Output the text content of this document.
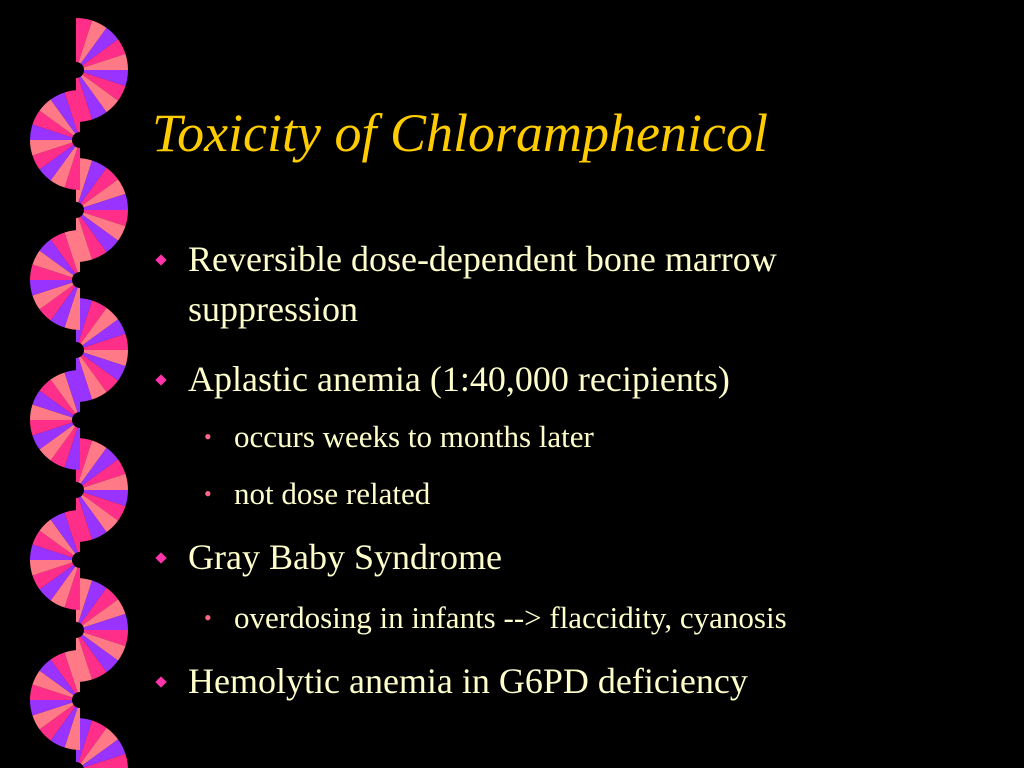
Toxicity of Chloramphenicol
Reversible dose-dependent bone marrow
suppression
Aplastic anemia (1:40,000 recipients)
• occurs weeks to months later
• not dose related
Gray Baby Syndrome
• overdosing in infants --> flaccidity, cyanosis
Hemolytic anemia in G6PD deficiency
